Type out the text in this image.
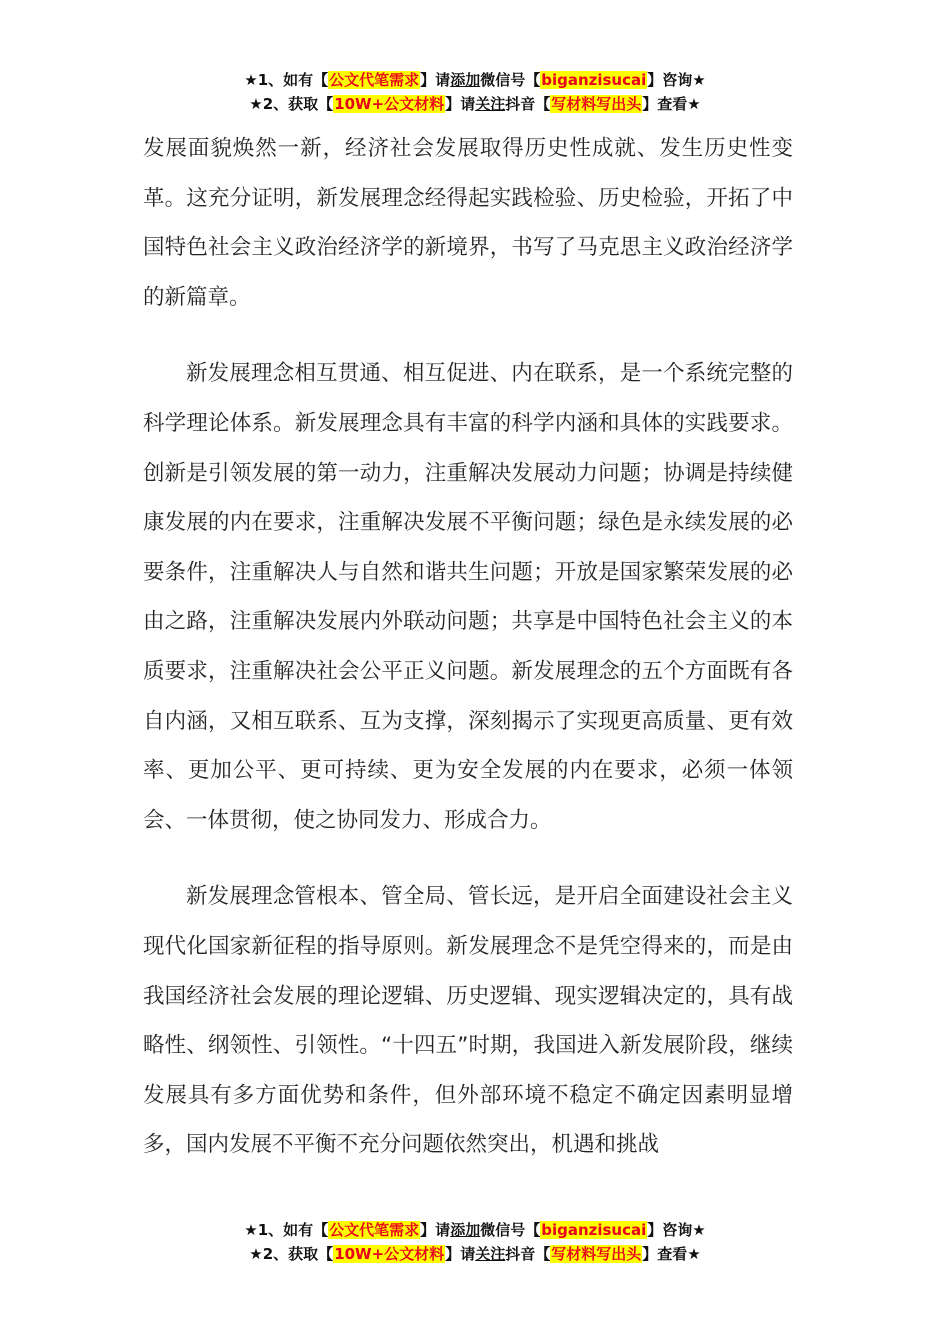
★1、如有【公文代笔需求】请添加微信号【biganzisucai】咨询★
★2、获取【10W+公文材料】请关注抖音【写材料写出头】查看★

发展面貌焕然一新，经济社会发展取得历史性成就、发生历史性变革。这充分证明，新发展理念经得起实践检验、历史检验，开拓了中国特色社会主义政治经济学的新境界，书写了马克思主义政治经济学的新篇章。

新发展理念相互贯通、相互促进、内在联系，是一个系统完整的科学理论体系。新发展理念具有丰富的科学内涵和具体的实践要求。创新是引领发展的第一动力，注重解决发展动力问题；协调是持续健康发展的内在要求，注重解决发展不平衡问题；绿色是永续发展的必要条件，注重解决人与自然和谐共生问题；开放是国家繁荣发展的必由之路，注重解决发展内外联动问题；共享是中国特色社会主义的本质要求，注重解决社会公平正义问题。新发展理念的五个方面既有各自内涵，又相互联系、互为支撑，深刻揭示了实现更高质量、更有效率、更加公平、更可持续、更为安全发展的内在要求，必须一体领会、一体贯彻，使之协同发力、形成合力。

新发展理念管根本、管全局、管长远，是开启全面建设社会主义现代化国家新征程的指导原则。新发展理念不是凭空得来的，而是由我国经济社会发展的理论逻辑、历史逻辑、现实逻辑决定的，具有战略性、纲领性、引领性。“十四五”时期，我国进入新发展阶段，继续发展具有多方面优势和条件，但外部环境不稳定不确定因素明显增多，国内发展不平衡不充分问题依然突出，机遇和挑战

★1、如有【公文代笔需求】请添加微信号【biganzisucai】咨询★
★2、获取【10W+公文材料】请关注抖音【写材料写出头】查看★
